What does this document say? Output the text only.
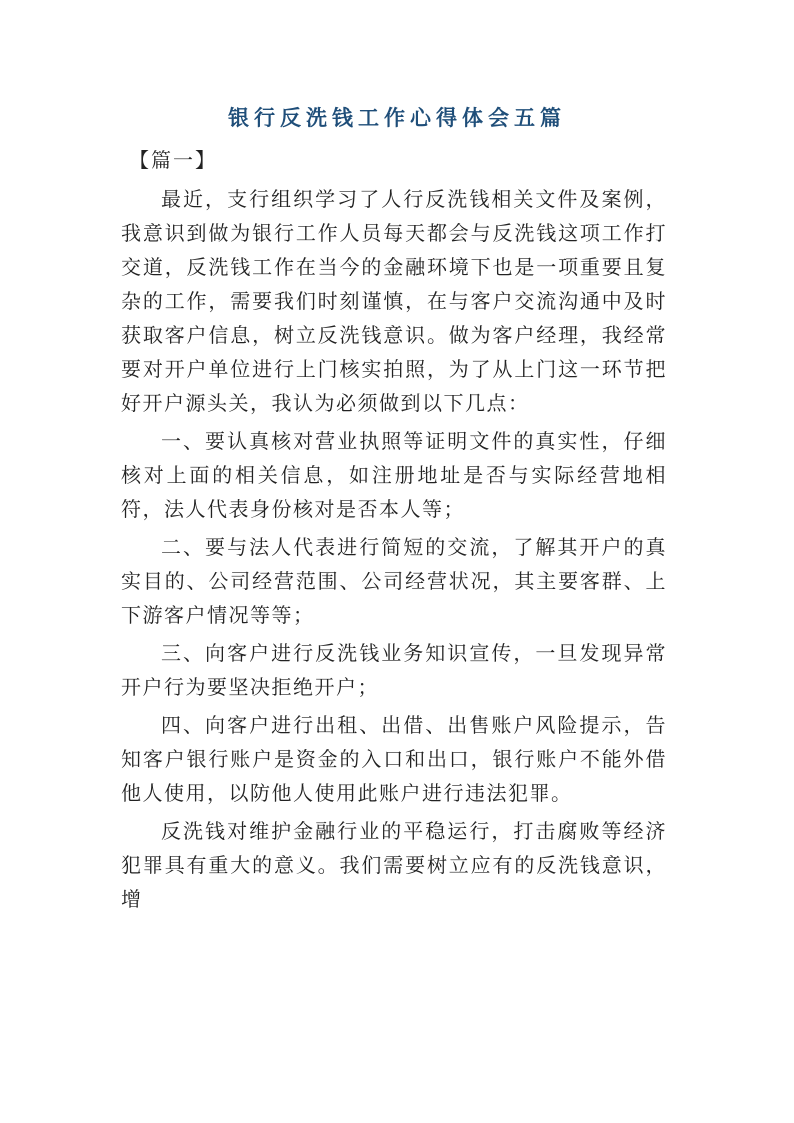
银行反洗钱工作心得体会五篇

【篇一】

最近，支行组织学习了人行反洗钱相关文件及案例，我意识到做为银行工作人员每天都会与反洗钱这项工作打交道，反洗钱工作在当今的金融环境下也是一项重要且复杂的工作，需要我们时刻谨慎，在与客户交流沟通中及时获取客户信息，树立反洗钱意识。做为客户经理，我经常要对开户单位进行上门核实拍照，为了从上门这一环节把好开户源头关，我认为必须做到以下几点：

一、要认真核对营业执照等证明文件的真实性，仔细核对上面的相关信息，如注册地址是否与实际经营地相符，法人代表身份核对是否本人等；

二、要与法人代表进行简短的交流，了解其开户的真实目的、公司经营范围、公司经营状况，其主要客群、上下游客户情况等等；

三、向客户进行反洗钱业务知识宣传，一旦发现异常开户行为要坚决拒绝开户；

四、向客户进行出租、出借、出售账户风险提示，告知客户银行账户是资金的入口和出口，银行账户不能外借他人使用，以防他人使用此账户进行违法犯罪。

反洗钱对维护金融行业的平稳运行，打击腐败等经济犯罪具有重大的意义。我们需要树立应有的反洗钱意识，增
